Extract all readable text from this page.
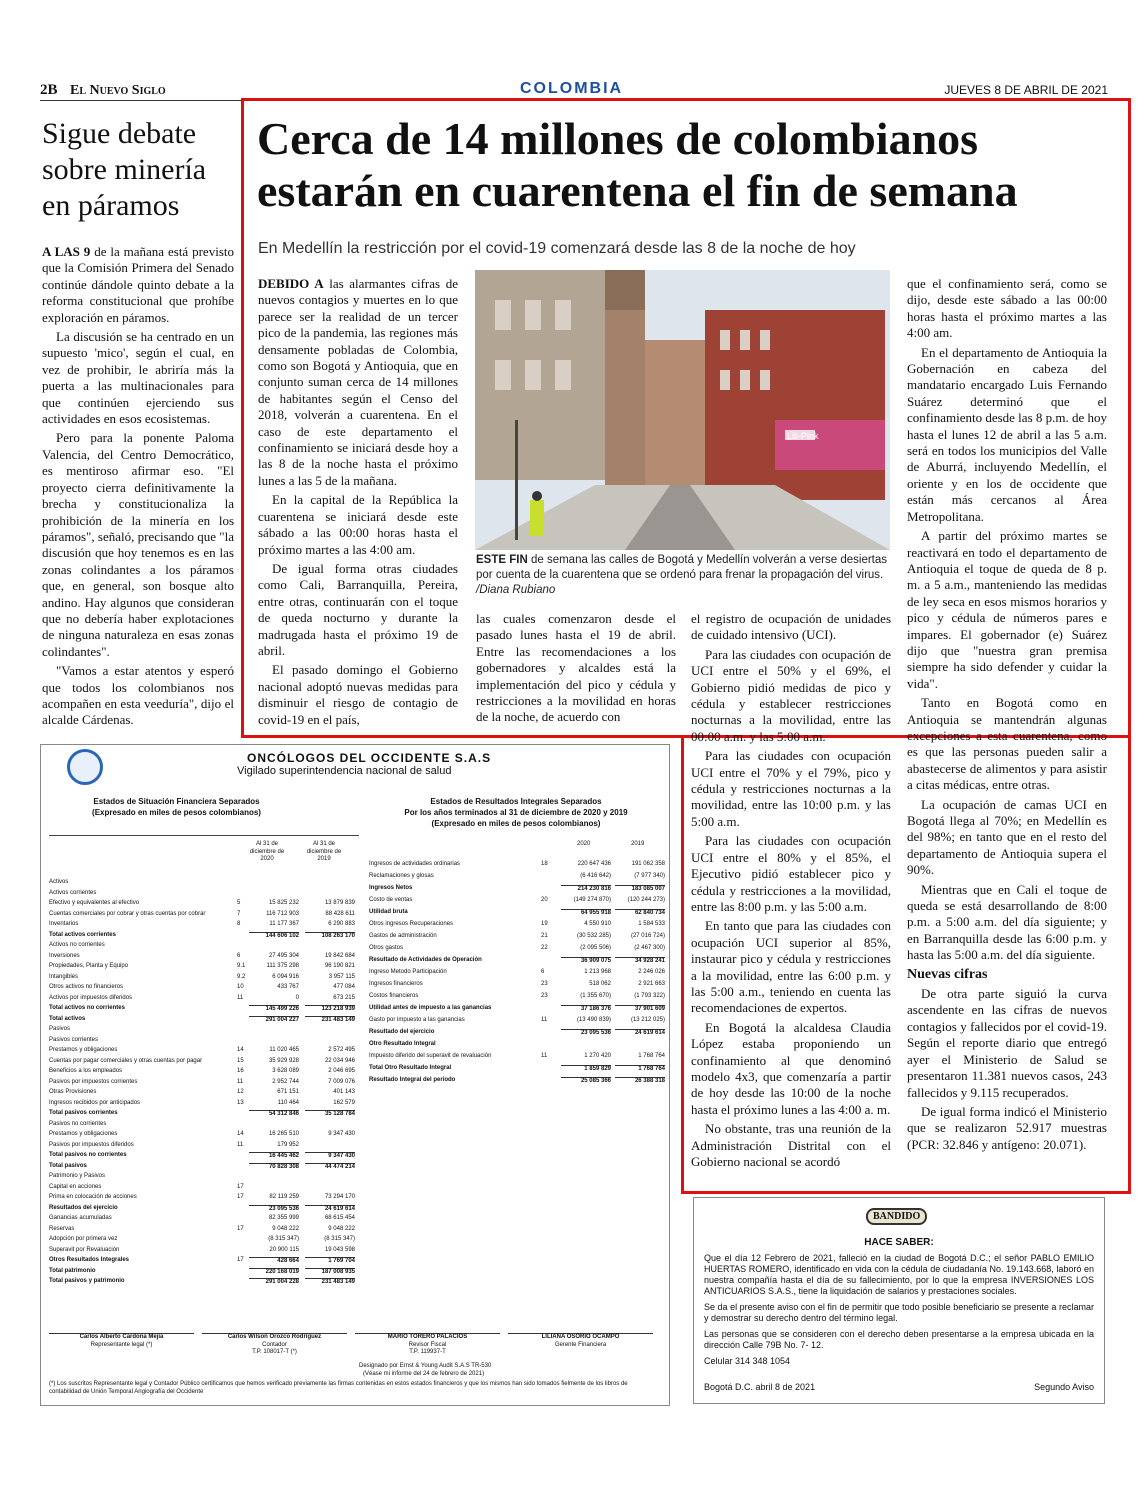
2B El Nuevo Siglo	COLOMBIA	JUEVES 8 DE ABRIL DE 2021
Sigue debate sobre minería en páramos

A LAS 9 de la mañana está previsto que la Comisión Primera del Senado continúe dándole quinto debate a la reforma constitucional que prohíbe exploración en páramos.

La discusión se ha centrado en un supuesto 'mico', según el cual, en vez de prohibir, le abriría más la puerta a las multinacionales para que continúen ejerciendo sus actividades en esos ecosistemas.

Pero para la ponente Paloma Valencia, del Centro Democrático, es mentiroso afirmar eso. "El proyecto cierra definitivamente la brecha y constitucionaliza la prohibición de la minería en los páramos", señaló, precisando que "la discusión que hoy tenemos es en las zonas colindantes a los páramos que, en general, son bosque alto andino. Hay algunos que consideran que no debería haber explotaciones de ninguna naturaleza en esas zonas colindantes".

"Vamos a estar atentos y esperó que todos los colombianos nos acompañen en esta veeduría", dijo el alcalde Cárdenas.

Cerca de 14 millones de colombianos estarán en cuarentena el fin de semana
En Medellín la restricción por el covid-19 comenzará desde las 8 de la noche de hoy

DEBIDO A las alarmantes cifras de nuevos contagios y muertes en lo que parece ser la realidad de un tercer pico de la pandemia, las regiones más densamente pobladas de Colombia, como son Bogotá y Antioquia, que en conjunto suman cerca de 14 millones de habitantes según el Censo del 2018, volverán a cuarentena. En el caso de este departamento el confinamiento se iniciará desde hoy a las 8 de la noche hasta el próximo lunes a las 5 de la mañana.

En la capital de la República la cuarentena se iniciará desde este sábado a las 00:00 horas hasta el próximo martes a las 4:00 am.

De igual forma otras ciudades como Cali, Barranquilla, Pereira, entre otras, continuarán con el toque de queda nocturno y durante la madrugada hasta el próximo 19 de abril.

El pasado domingo el Gobierno nacional adoptó nuevas medidas para disminuir el riesgo de contagio de covid-19 en el país,

Lili-Pink
ESTE FIN de semana las calles de Bogotá y Medellín volverán a verse desiertas por cuenta de la cuarentena que se ordenó para frenar la propagación del virus. /Diana Rubiano

las cuales comenzaron desde el pasado lunes hasta el 19 de abril. Entre las recomendaciones a los gobernadores y alcaldes está la implementación del pico y cédula y restricciones a la movilidad en horas de la noche, de acuerdo con

el registro de ocupación de unidades de cuidado intensivo (UCI).

Para las ciudades con ocupación de UCI entre el 50% y el 69%, el Gobierno pidió medidas de pico y cédula y establecer restricciones nocturnas a la movilidad, entre las 00:00 a.m. y las 5:00 a.m.

Para las ciudades con ocupación UCI entre el 70% y el 79%, pico y cédula y restricciones nocturnas a la movilidad, entre las 10:00 p.m. y las 5:00 a.m.

Para las ciudades con ocupación UCI entre el 80% y el 85%, el Ejecutivo pidió establecer pico y cédula y restricciones a la movilidad, entre las 8:00 p.m. y las 5:00 a.m.

En tanto que para las ciudades con ocupación UCI superior al 85%, instaurar pico y cédula y restricciones a la movilidad, entre las 6:00 p.m. y las 5:00 a.m., teniendo en cuenta las recomendaciones de expertos.

En Bogotá la alcaldesa Claudia López estaba proponiendo un confinamiento al que denominó modelo 4x3, que comenzaría a partir de hoy desde las 10:00 de la noche hasta el próximo lunes a las 4:00 a. m.

No obstante, tras una reunión de la Administración Distrital con el Gobierno nacional se acordó

que el confinamiento será, como se dijo, desde este sábado a las 00:00 horas hasta el próximo martes a las 4:00 am.

En el departamento de Antioquia la Gobernación en cabeza del mandatario encargado Luis Fernando Suárez determinó que el confinamiento desde las 8 p.m. de hoy hasta el lunes 12 de abril a las 5 a.m. será en todos los municipios del Valle de Aburrá, incluyendo Medellín, el oriente y en los de occidente que están más cercanos al Área Metropolitana.

A partir del próximo martes se reactivará en todo el departamento de Antioquia el toque de queda de 8 p. m. a 5 a.m., manteniendo las medidas de ley seca en esos mismos horarios y pico y cédula de números pares e impares. El gobernador (e) Suárez dijo que "nuestra gran premisa siempre ha sido defender y cuidar la vida".

Tanto en Bogotá como en Antioquia se mantendrán algunas excepciones a esta cuarentena, como es que las personas pueden salir a abastecerse de alimentos y para asistir a citas médicas, entre otras.

La ocupación de camas UCI en Bogotá llega al 70%; en Medellín es del 98%; en tanto que en el resto del departamento de Antioquia supera el 90%.

Mientras que en Cali el toque de queda se está desarrollando de 8:00 p.m. a 5:00 a.m. del día siguiente; y en Barranquilla desde las 6:00 p.m. y hasta las 5:00 a.m. del día siguiente.

Nuevas cifras

De otra parte siguió la curva ascendente en las cifras de nuevos contagios y fallecidos por el covid-19. Según el reporte diario que entregó ayer el Ministerio de Salud se presentaron 11.381 nuevos casos, 243 fallecidos y 9.115 recuperados.

De igual forma indicó el Ministerio que se realizaron 52.917 muestras (PCR: 32.846 y antígeno: 20.071).

ONCÓLOGOS DEL OCCIDENTE S.A.S
Vigilado superintendencia nacional de salud
Estados de Situación Financiera Separados
(Expresado en miles de pesos colombianos)
Al 31 de diciembre de 2020
Al 31 de diciembre de 2019
Activos
Activos corrientes
Efectivo y equivalentes al efectivo	5	15 825 232	13 879 839
Cuentas comerciales por cobrar y otras cuentas por cobrar	7	116 712 903	88 428 611
Inventarios	8	11 177 367	6 290 883
Total activos corrientes	144 606 102	108 263 170
Activos no corrientes
Inversiones	6	27 495 304	19 842 684
Propiedades, Planta y Equipo	9.1	111 375 298	96 190 821
Intangibles	9.2	6 094 916	3 957 115
Otros activos no financieros	10	433 767	477 084
Activos por impuestos diferidos	11	0	673 215
Total activos no corrientes	145 499 226	123 218 939
Total activos	291 004 227	231 483 149
Pasivos
Pasivos corrientes
Prestamos y obligaciones	14	11 020 465	2 572 495
Cuentas por pagar comerciales y otras cuentas por pagar	15	35 929 928	22 034 946
Beneficios a los empleados	16	3 628 089	2 046 695
Pasivos por impuestos corrientes	11	2 952 744	7 009 076
Otras Provisiones	12	671 151	401 143
Ingresos recibidos por anticipados	13	110 464	162 579
Total pasivos corrientes	54 312 846	35 128 784
Pasivos no corrientes
Prestamos y obligaciones	14	16 265 510	9 347 430
Pasivos por impuestos diferidos	11	179 952
Total pasivos no corrientes	16 445 462	9 347 430
Total pasivos	70 828 308	44 474 214
Patrimonio y Pasivos
Capital en acciones	17
Prima en colocación de acciones	17	82 119 259	73 294 170
Resultados del ejercicio	23 095 536	24 619 614
Ganancias acumuladas	82 355 999	68 615 454
Reservas	17	9 048 222	9 048 222
Adopción por primera vez	(8 315 347)	(8 315 347)
Superavit por Revaluación	20 900 115	19 043 598
Otros Resultados Integrales	17	428 664	1 769 704
Total patrimonio	220 168 019	187 008 935
Total pasivos y patrimonio	291 004 228	231 483 149
Estados de Resultados Integrales Separados
Por los años terminados al 31 de diciembre de 2020 y 2019
(Expresado en miles de pesos colombianos)
2020	2019
Ingresos de actividades ordinarias	18	220 647 436	191 062 358
Reclamaciones y glosas	(6 416 642)	(7 977 340)
Ingresos Netos	214 230 816	183 085 007
Costo de ventas	20	(149 274 870)	(120 244 273)
Utilidad bruta	64 955 918	62 840 734
Otros ingresos Recuperaciones	19	4 550 910	1 584 533
Gastos de administración	21	(30 532 285)	(27 016 724)
Otros gastos	22	(2 095 506)	(2 467 300)
Resultado de Actividades de Operación	36 909 075	34 928 241
Ingreso Metodo Participación	6	1 213 968	2 246 026
Ingresos financieros	23	518 062	2 921 663
Costos financieros	23	(1 355 670)	(1 793 322)
Utilidad antes de impuesto a las ganancias	37 186 376	37 901 609
Gasto por impuesto a las ganancias	11	(13 490 839)	(13 212 025)
Resultado del ejercicio	23 095 536	24 619 614
Otro Resultado Integral
Impuesto diferido del superavit de revaluación	11	1 270 420	1 768 764
Total Otro Resultado Integral	1 859 829	1 768 764
Resultado Integral del periodo	25 085 366	26 388 318
Carlos Alberto Cardona Mejía
Representante legal (*)
Carlos Wilson Orozco Rodríguez
Contador
T.P. 108017-T (*)
MARIO TORERO PALACIOS
Revisor Fiscal
T.P. 119937-T
LILIANA OSORIO OCAMPO
Gerente Financiera
Designado por Ernst & Young Audit S.A.S TR-530
(Véase mi informe del 24 de febrero de 2021)
(*) Los suscritos Representante legal y Contador Público certificamos que hemos verificado previamente las firmas contenidas en estos estados financieros y que los mismos han sido tomados fielmente de los libros de contabilidad de Unión Temporal Angiografía del Occidente
BANDIDO
HACE SABER:

Que el día 12 Febrero de 2021, falleció en la ciudad de Bogotá D.C.; el señor PABLO EMILIO HUERTAS ROMERO, identificado en vida con la cédula de ciudadanía No. 19.143.668, laboró en nuestra compañía hasta el día de su fallecimiento, por lo que la empresa INVERSIONES LOS ANTICUARIOS S.A.S., tiene la liquidación de salarios y prestaciones sociales.

Se da el presente aviso con el fin de permitir que todo posible beneficiario se presente a reclamar y demostrar su derecho dentro del término legal.

Las personas que se consideren con el derecho deben presentarse a la empresa ubicada en la dirección Calle 79B No. 7- 12.

Celular 314 348 1054

Bogotá D.C. abril 8 de 2021	Segundo Aviso
